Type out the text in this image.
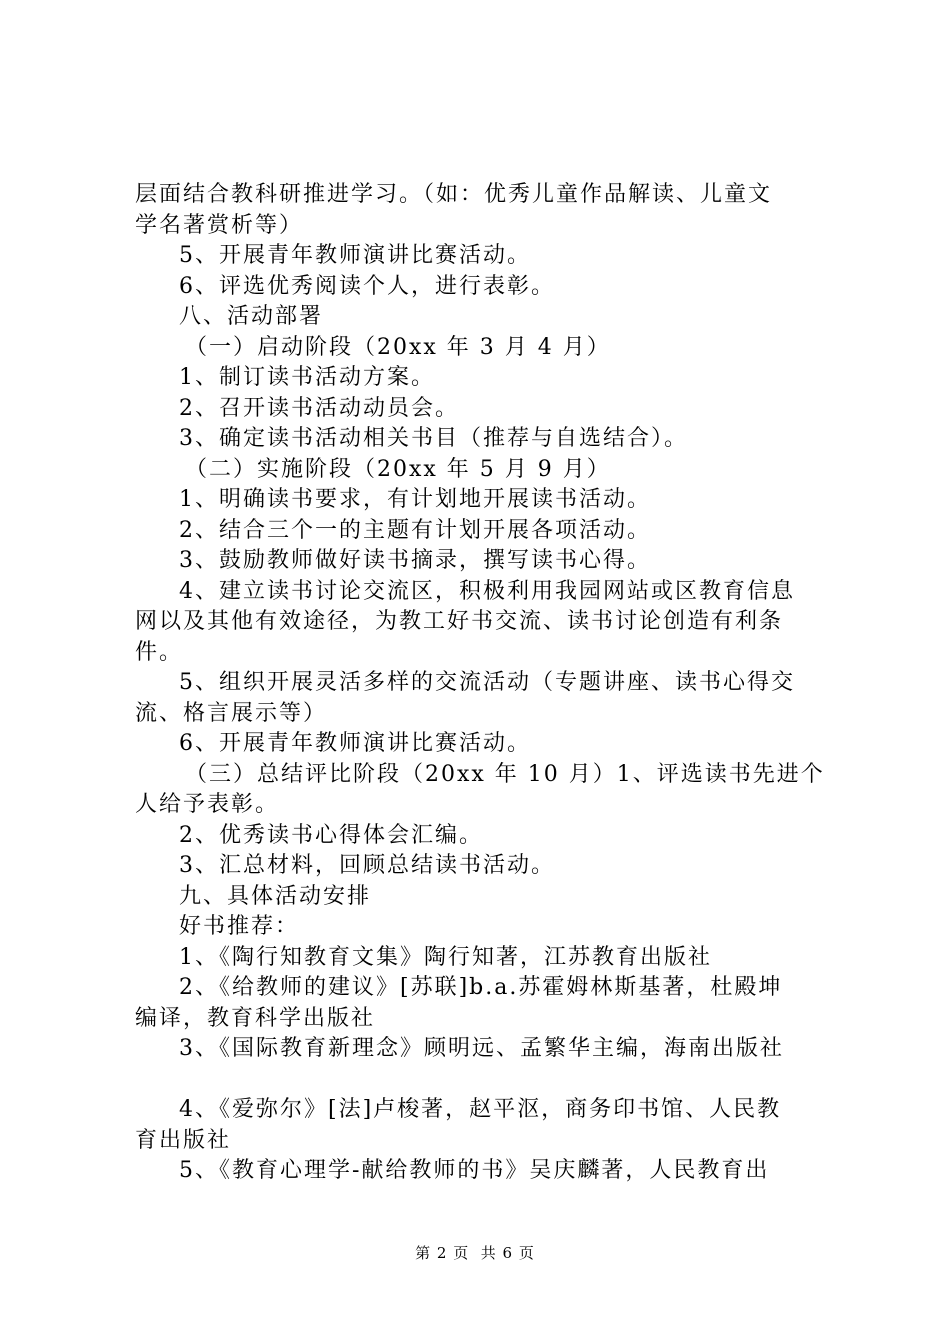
层面结合教科研推进学习。（如：优秀儿童作品解读、儿童文
学名著赏析等）
5、开展青年教师演讲比赛活动。
6、评选优秀阅读个人，进行表彰。
八、活动部署
（一）启动阶段（20xx 年 3 月 4 月）
1、制订读书活动方案。
2、召开读书活动动员会。
3、确定读书活动相关书目（推荐与自选结合）。
（二）实施阶段（20xx 年 5 月 9 月）
1、明确读书要求，有计划地开展读书活动。
2、结合三个一的主题有计划开展各项活动。
3、鼓励教师做好读书摘录，撰写读书心得。
4、建立读书讨论交流区，积极利用我园网站或区教育信息
网以及其他有效途径，为教工好书交流、读书讨论创造有利条
件。
5、组织开展灵活多样的交流活动（专题讲座、读书心得交
流、格言展示等）
6、开展青年教师演讲比赛活动。
（三）总结评比阶段（20xx 年 10 月）1、评选读书先进个
人给予表彰。
2、优秀读书心得体会汇编。
3、汇总材料，回顾总结读书活动。
九、具体活动安排
好书推荐：
1、《陶行知教育文集》陶行知著，江苏教育出版社
2、《给教师的建议》[苏联]b.a.苏霍姆林斯基著，杜殿坤
编译，教育科学出版社
3、《国际教育新理念》顾明远、孟繁华主编，海南出版社
4、《爱弥尔》[法]卢梭著，赵平沤，商务印书馆、人民教
育出版社
5、《教育心理学-献给教师的书》吴庆麟著，人民教育出
第 2 页  共 6 页
